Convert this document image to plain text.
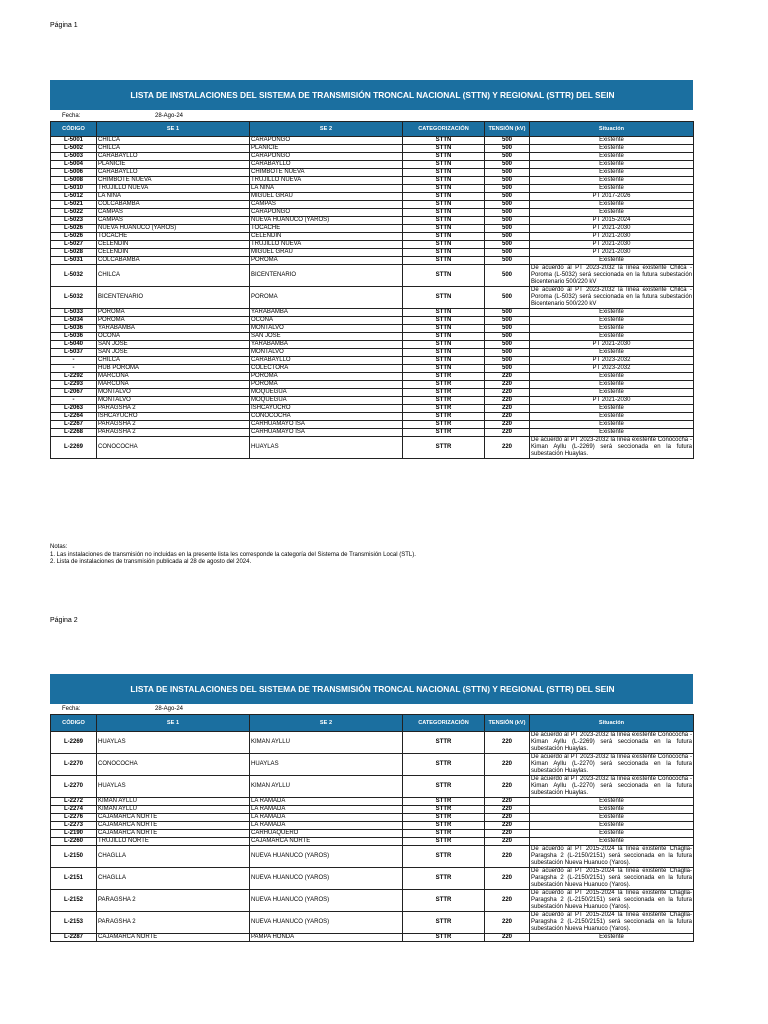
Página 1
LISTA DE INSTALACIONES DEL SISTEMA DE TRANSMISIÓN TRONCAL NACIONAL (STTN) Y REGIONAL (STTR) DEL SEIN
Fecha:	28-Ago-24
CÓDIGO	SE 1	SE 2	CATEGORIZACIÓN	TENSIÓN (kV)	Situación
L-5001	CHILCA	CARAPONGO	STTN	500	Existente
L-5002	CHILCA	PLANICIE	STTN	500	Existente
L-5003	CARABAYLLO	CARAPONGO	STTN	500	Existente
L-5004	PLANICIE	CARABAYLLO	STTN	500	Existente
L-5006	CARABAYLLO	CHIMBOTE NUEVA	STTN	500	Existente
L-5008	CHIMBOTE NUEVA	TRUJILLO NUEVA	STTN	500	Existente
L-5010	TRUJILLO NUEVA	LA NIÑA	STTN	500	Existente
L-5012	LA NIÑA	MIGUEL GRAU	STTN	500	PT 2017-2026
L-5021	COLCABAMBA	CAMPAS	STTN	500	Existente
L-5022	CAMPAS	CARAPONGO	STTN	500	Existente
L-5023	CAMPAS	NUEVA HUANUCO (YAROS)	STTN	500	PT 2015-2024
L-5026	NUEVA HUANUCO (YAROS)	TOCACHE	STTN	500	PT 2021-2030
L-5026	TOCACHE	CELENDIN	STTN	500	PT 2021-2030
L-5027	CELENDIN	TRUJILLO NUEVA	STTN	500	PT 2021-2030
L-5028	CELENDIN	MIGUEL GRAU	STTN	500	PT 2021-2030
L-5031	COLCABAMBA	POROMA	STTN	500	Existente
L-5032	CHILCA	BICENTENARIO	STTN	500	De acuerdo al PT 2023-2032 la línea existente Chilca - Poroma (L-5032) será seccionada en la futura subestación Bicentenario 500/220 kV
L-5032	BICENTENARIO	POROMA	STTN	500	De acuerdo al PT 2023-2032 la línea existente Chilca - Poroma (L-5032) será seccionada en la futura subestación Bicentenario 500/220 kV
L-5033	POROMA	YARABAMBA	STTN	500	Existente
L-5034	POROMA	OCOÑA	STTN	500	Existente
L-5036	YARABAMBA	MONTALVO	STTN	500	Existente
L-5036	OCOÑA	SAN JOSE	STTN	500	Existente
L-5040	SAN JOSE	YARABAMBA	STTN	500	PT 2021-2030
L-5037	SAN JOSE	MONTALVO	STTN	500	Existente
-	CHILCA	CARABAYLLO	STTN	500	PT 2023-2032
-	HUB POROMA	COLECTORA	STTN	500	PT 2023-2032
L-2292	MARCONA	POROMA	STTR	220	Existente
L-2293	MARCONA	POROMA	STTR	220	Existente
L-2067	MONTALVO	MOQUEGUA	STTR	220	Existente
-	MONTALVO	MOQUEGUA	STTR	220	PT 2021-2030
L-2063	PARAGSHA 2	ISHCAYUCRO	STTR	220	Existente
L-2264	ISHCAYUCRO	CONOCOCHA	STTR	220	Existente
L-2267	PARAGSHA 2	CARHUAMAYO ISA	STTR	220	Existente
L-2268	PARAGSHA 2	CARHUAMAYO ISA	STTR	220	Existente
L-2269	CONOCOCHA	HUAYLAS	STTR	220	De acuerdo al PT 2023-2032 la línea existente Conococha - Kiman Ayllu (L-2269) será seccionada en la futura subestación Huaylas.
Notas:
1. Las instalaciones de transmisión no incluidas en la presente lista les corresponde la categoría del Sistema de Transmisión Local (STL).
2. Lista de instalaciones de transmisión publicada al 28 de agosto del 2024.
Página 2
LISTA DE INSTALACIONES DEL SISTEMA DE TRANSMISIÓN TRONCAL NACIONAL (STTN) Y REGIONAL (STTR) DEL SEIN
Fecha:	28-Ago-24
CÓDIGO	SE 1	SE 2	CATEGORIZACIÓN	TENSIÓN (kV)	Situación
L-2269	HUAYLAS	KIMAN AYLLU	STTR	220	De acuerdo al PT 2023-2032 la línea existente Conococha - Kiman Ayllu (L-2269) será seccionada en la futura subestación Huaylas.
L-2270	CONOCOCHA	HUAYLAS	STTR	220	De acuerdo al PT 2023-2032 la línea existente Conococha - Kiman Ayllu (L-2270) será seccionada en la futura subestación Huaylas.
L-2270	HUAYLAS	KIMAN AYLLU	STTR	220	De acuerdo al PT 2023-2032 la línea existente Conococha - Kiman Ayllu (L-2270) será seccionada en la futura subestación Huaylas.
L-2272	KIMAN AYLLU	LA RAMADA	STTR	220	Existente
L-2274	KIMAN AYLLU	LA RAMADA	STTR	220	Existente
L-2276	CAJAMARCA NORTE	LA RAMADA	STTR	220	Existente
L-2273	CAJAMARCA NORTE	LA RAMADA	STTR	220	Existente
L-2190	CAJAMARCA NORTE	CARHUAQUERO	STTR	220	Existente
L-2260	TRUJILLO NORTE	CAJAMARCA NORTE	STTR	220	Existente
L-2150	CHAGLLA	NUEVA HUANUCO (YAROS)	STTR	220	De acuerdo al PT 2015-2024 la línea existente Chaglla-Paragsha 2 (L-2150/2151) será seccionada en la futura subestación Nueva Huanuco (Yaros).
L-2151	CHAGLLA	NUEVA HUANUCO (YAROS)	STTR	220	De acuerdo al PT 2015-2024 la línea existente Chaglla-Paragsha 2 (L-2150/2151) será seccionada en la futura subestación Nueva Huanuco (Yaros).
L-2152	PARAGSHA 2	NUEVA HUANUCO (YAROS)	STTR	220	De acuerdo al PT 2015-2024 la línea existente Chaglla-Paragsha 2 (L-2150/2151) será seccionada en la futura subestación Nueva Huanuco (Yaros).
L-2153	PARAGSHA 2	NUEVA HUANUCO (YAROS)	STTR	220	De acuerdo al PT 2015-2024 la línea existente Chaglla-Paragsha 2 (L-2150/2151) será seccionada en la futura subestación Nueva Huanuco (Yaros).
L-2287	CAJAMARCA NORTE	PAMPA HONDA	STTR	220	Existente
